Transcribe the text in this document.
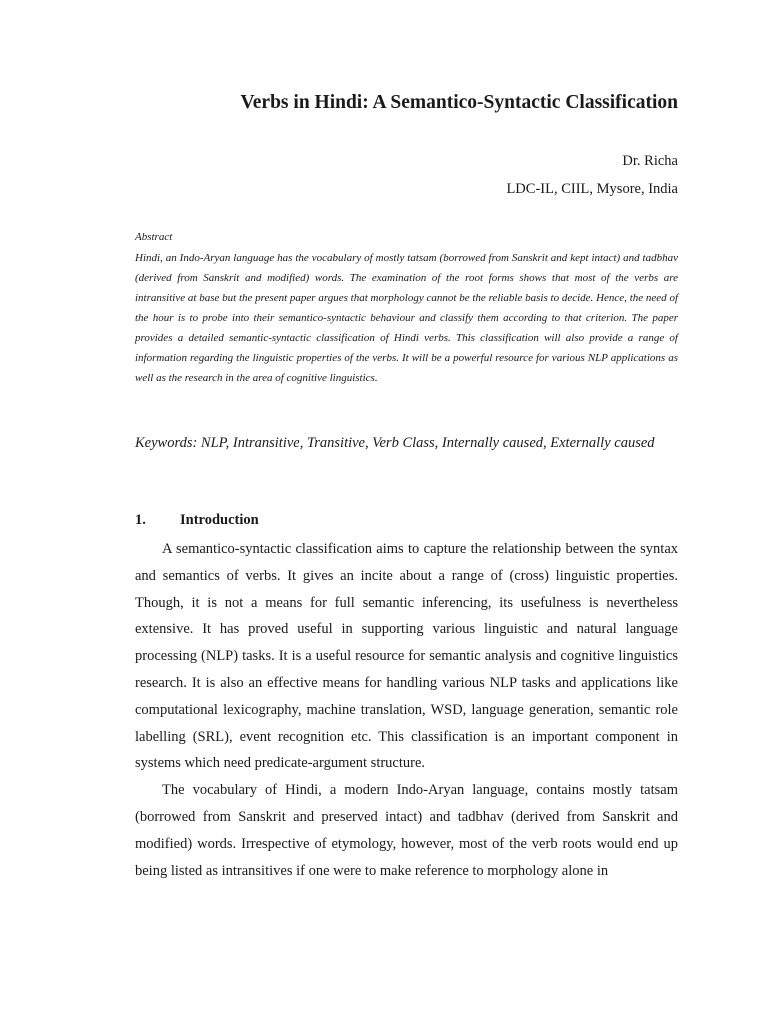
Verbs in Hindi: A Semantico-Syntactic Classification
Dr. Richa
LDC-IL, CIIL, Mysore, India
Abstract

Hindi, an Indo-Aryan language has the vocabulary of mostly tatsam (borrowed from Sanskrit and kept intact) and tadbhav (derived from Sanskrit and modified) words. The examination of the root forms shows that most of the verbs are intransitive at base but the present paper argues that morphology cannot be the reliable basis to decide. Hence, the need of the hour is to probe into their semantico-syntactic behaviour and classify them according to that criterion. The paper provides a detailed semantic-syntactic classification of Hindi verbs. This classification will also provide a range of information regarding the linguistic properties of the verbs. It will be a powerful resource for various NLP applications as well as the research in the area of cognitive linguistics.

Keywords: NLP, Intransitive, Transitive, Verb Class, Internally caused, Externally caused

1. Introduction

A semantico-syntactic classification aims to capture the relationship between the syntax and semantics of verbs. It gives an incite about a range of (cross) linguistic properties. Though, it is not a means for full semantic inferencing, its usefulness is nevertheless extensive. It has proved useful in supporting various linguistic and natural language processing (NLP) tasks. It is a useful resource for semantic analysis and cognitive linguistics research. It is also an effective means for handling various NLP tasks and applications like computational lexicography, machine translation, WSD, language generation, semantic role labelling (SRL), event recognition etc. This classification is an important component in systems which need predicate-argument structure.

The vocabulary of Hindi, a modern Indo-Aryan language, contains mostly tatsam (borrowed from Sanskrit and preserved intact) and tadbhav (derived from Sanskrit and modified) words. Irrespective of etymology, however, most of the verb roots would end up being listed as intransitives if one were to make reference to morphology alone in
